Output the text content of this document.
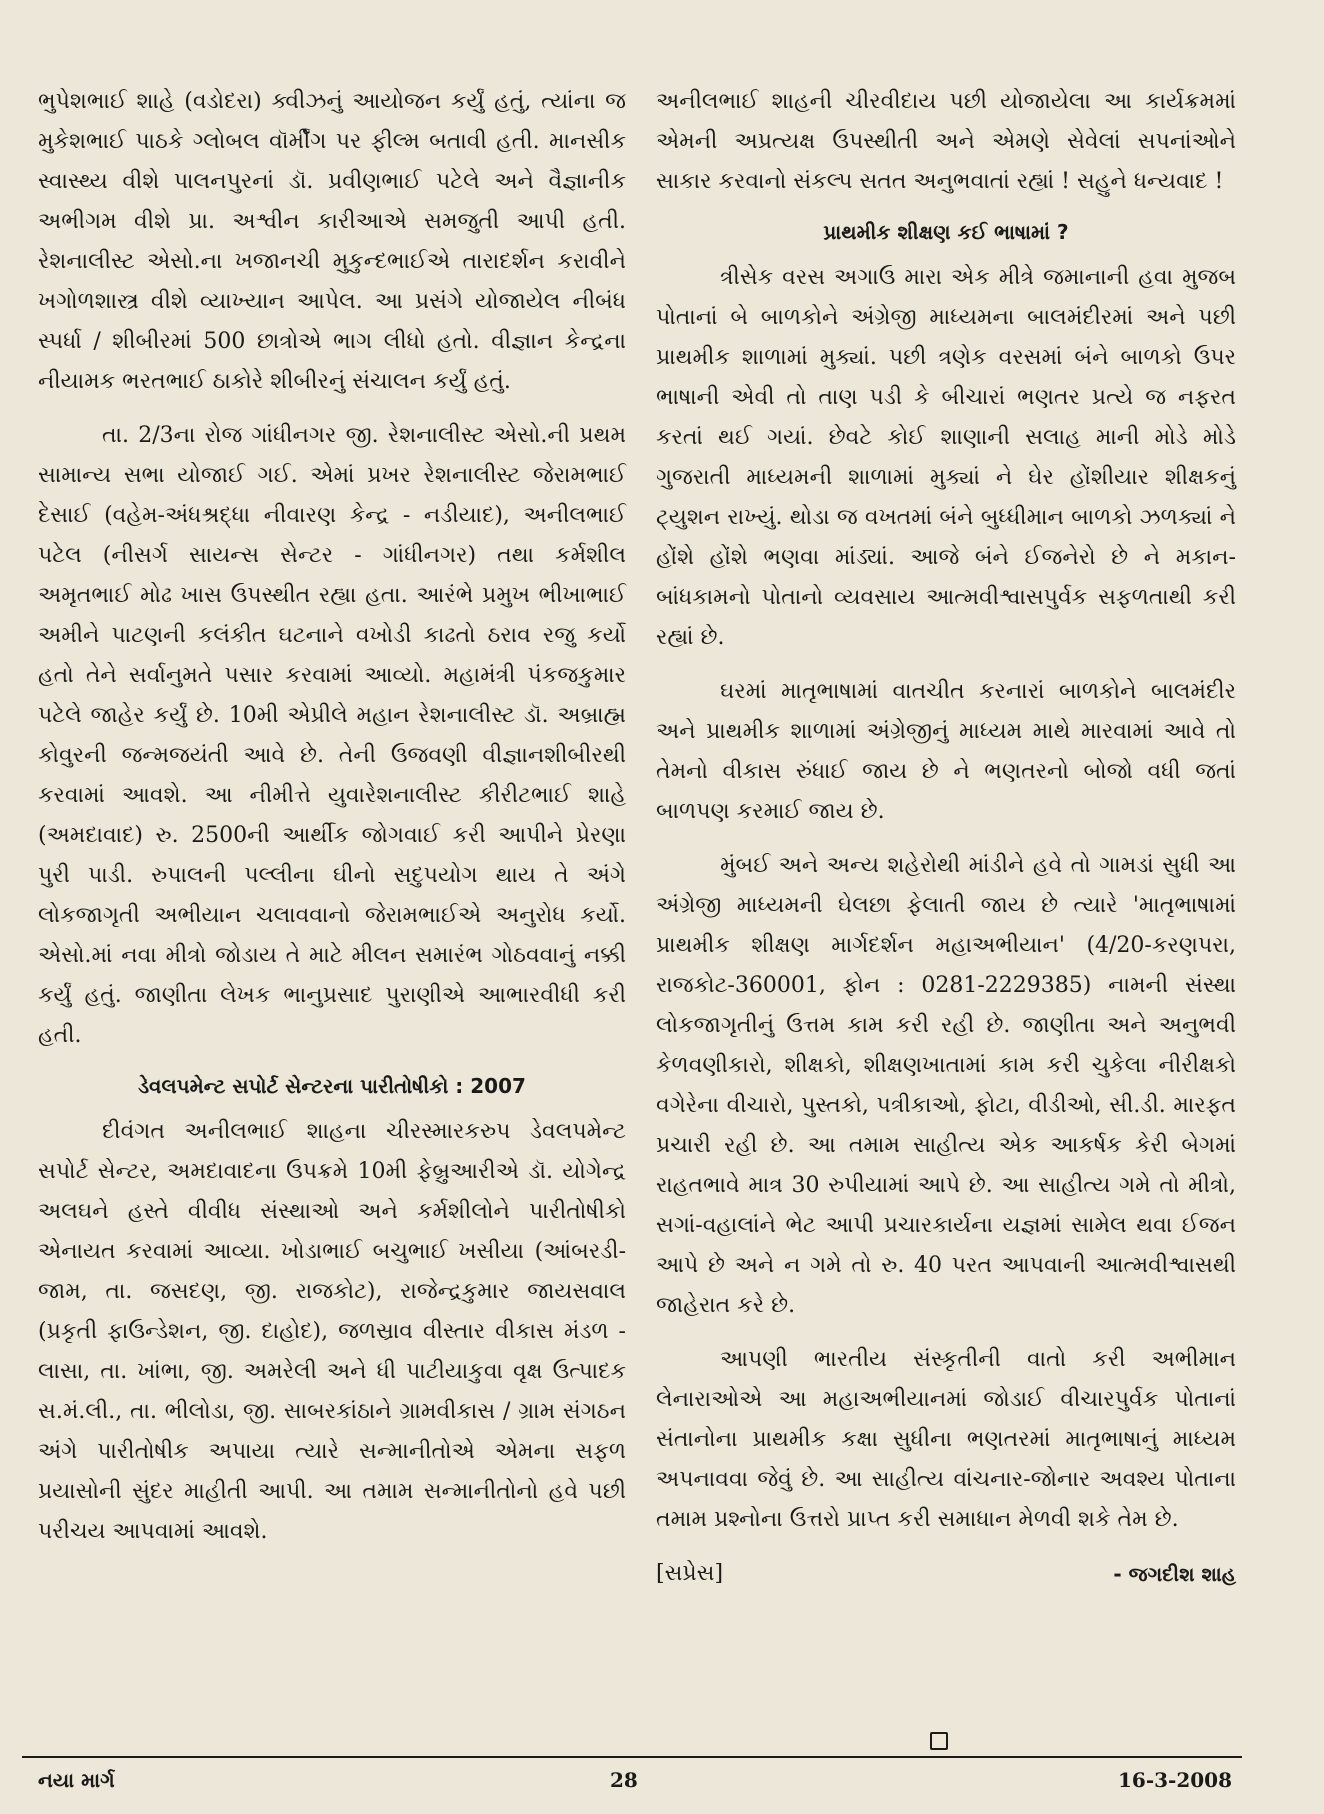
ભુપેશભાઈ શાહે (વડોદરા) ક્વીઝનું આયોજન કર્યું હતું, ત્યાંના જ મુકેશભાઈ પાઠકે ગ્લોબલ વૉર્મીંગ પર ફીલ્મ બતાવી હતી. માનસીક સ્વાસ્થ્ય વીશે પાલનપુરનાં ડૉ. પ્રવીણભાઈ પટેલે અને વૈજ્ઞાનીક અભીગમ વીશે પ્રા. અશ્વીન કારીઆએ સમજુતી આપી હતી. રેશનાલીસ્ટ એસો.ના ખજાનચી મુકુન્દભાઈએ તારાદર્શન કરાવીને ખગોળશાસ્ત્ર વીશે વ્યાખ્યાન આપેલ. આ પ્રસંગે યોજાયેલ નીબંધ સ્પર્ધા / શીબીરમાં 500 છાત્રોએ ભાગ લીધો હતો. વીજ્ઞાન કેન્દ્રના નીયામક ભરતભાઈ ઠાકોરે શીબીરનું સંચાલન કર્યું હતું.

તા. 2/3ના રોજ ગાંધીનગર જી. રેશનાલીસ્ટ એસો.ની પ્રથમ સામાન્ય સભા યોજાઈ ગઈ. એમાં પ્રખર રેશનાલીસ્ટ જેરામભાઈ દેસાઈ (વહેમ-અંધશ્રદ્ધા નીવારણ કેન્દ્ર - નડીયાદ), અનીલભાઈ પટેલ (નીસર્ગ સાયન્સ સેન્ટર - ગાંધીનગર) તથા કર્મશીલ અમૃતભાઈ મોઢ ખાસ ઉપસ્થીત રહ્યા હતા. આરંભે પ્રમુખ ભીખાભાઈ અમીને પાટણની કલંકીત ઘટનાને વખોડી કાઢતો ઠરાવ રજુ કર્યો હતો તેને સર્વાનુમતે પસાર કરવામાં આવ્યો. મહામંત્રી પંકજકુમાર પટેલે જાહેર કર્યું છે. 10મી એપ્રીલે મહાન રેશનાલીસ્ટ ડૉ. અબ્રાહ્મ કોવુરની જન્મજયંતી આવે છે. તેની ઉજવણી વીજ્ઞાનશીબીરથી કરવામાં આવશે. આ નીમીત્તે યુવારેશનાલીસ્ટ કીરીટભાઈ શાહે (અમદાવાદ) રુ. 2500ની આર્થીક જોગવાઈ કરી આપીને પ્રેરણા પુરી પાડી. રુપાલની પલ્લીના ઘીનો સદુપયોગ થાય તે અંગે લોકજાગૃતી અભીયાન ચલાવવાનો જેરામભાઈએ અનુરોધ કર્યો. એસો.માં નવા મીત્રો જોડાય તે માટે મીલન સમારંભ ગોઠવવાનું નક્કી કર્યું હતું. જાણીતા લેખક ભાનુપ્રસાદ પુરાણીએ આભારવીધી કરી હતી.

ડેવલપમેન્ટ સપોર્ટ સેન્ટરના પારીતોષીકો : 2007

દીવંગત અનીલભાઈ શાહના ચીરસ્મારકરુપ ડેવલપમેન્ટ સપોર્ટ સેન્ટર, અમદાવાદના ઉપક્રમે 10મી ફેબ્રુઆરીએ ડૉ. યોગેન્દ્ર અલઘને હસ્તે વીવીધ સંસ્થાઓ અને કર્મશીલોને પારીતોષીકો એનાયત કરવામાં આવ્યા. ખોડાભાઈ બચુભાઈ ખસીયા (આંબરડી-જામ, તા. જસદણ, જી. રાજકોટ), રાજેન્દ્રકુમાર જાયસવાલ (પ્રકૃતી ફાઉન્ડેશન, જી. દાહોદ), જળસ્રાવ વીસ્તાર વીકાસ મંડળ - લાસા, તા. ખાંભા, જી. અમરેલી અને ધી પાટીયાકુવા વૃક્ષ ઉત્પાદક સ.મં.લી., તા. ભીલોડા, જી. સાબરકાંઠાને ગ્રામવીકાસ / ગ્રામ સંગઠન અંગે પારીતોષીક અપાયા ત્યારે સન્માનીતોએ એમના સફળ પ્રયાસોની સુંદર માહીતી આપી. આ તમામ સન્માનીતોનો હવે પછી પરીચય આપવામાં આવશે.

અનીલભાઈ શાહની ચીરવીદાય પછી યોજાયેલા આ કાર્યક્રમમાં એમની અપ્રત્યક્ષ ઉપસ્થીતી અને એમણે સેવેલાં સપનાંઓને સાકાર કરવાનો સંકલ્પ સતત અનુભવાતાં રહ્યાં ! સહુને ધન્યવાદ !

પ્રાથમીક શીક્ષણ કઈ ભાષામાં ?

ત્રીસેક વરસ અગાઉ મારા એક મીત્રે જમાનાની હવા મુજબ પોતાનાં બે બાળકોને અંગ્રેજી માધ્યમના બાલમંદીરમાં અને પછી પ્રાથમીક શાળામાં મુક્યાં. પછી ત્રણેક વરસમાં બંને બાળકો ઉપર ભાષાની એવી તો તાણ પડી કે બીચારાં ભણતર પ્રત્યે જ નફરત કરતાં થઈ ગયાં. છેવટે કોઈ શાણાની સલાહ માની મોડે મોડે ગુજરાતી માધ્યમની શાળામાં મુક્યાં ને ઘેર હોંશીયાર શીક્ષકનું ટ્યુશન રાખ્યું. થોડા જ વખતમાં બંને બુધ્ધીમાન બાળકો ઝળક્યાં ને હોંશે હોંશે ભણવા માંડ્યાં. આજે બંને ઈજનેરો છે ને મકાન-બાંધકામનો પોતાનો વ્યવસાય આત્મવીશ્વાસપુર્વક સફળતાથી કરી રહ્યાં છે.

ઘરમાં માતૃભાષામાં વાતચીત કરનારાં બાળકોને બાલમંદીર અને પ્રાથમીક શાળામાં અંગ્રેજીનું માધ્યમ માથે મારવામાં આવે તો તેમનો વીકાસ રુંધાઈ જાય છે ને ભણતરનો બોજો વધી જતાં બાળપણ કરમાઈ જાય છે.

મુંબઈ અને અન્ય શહેરોથી માંડીને હવે તો ગામડાં સુધી આ અંગ્રેજી માધ્યમની ઘેલછા ફેલાતી જાય છે ત્યારે 'માતૃભાષામાં પ્રાથમીક શીક્ષણ માર્ગદર્શન મહાઅભીયાન' (4/20-કરણપરા, રાજકોટ-360001, ફોન : 0281-2229385) નામની સંસ્થા લોકજાગૃતીનું ઉત્તમ કામ કરી રહી છે. જાણીતા અને અનુભવી કેળવણીકારો, શીક્ષકો, શીક્ષણખાતામાં કામ કરી ચુકેલા નીરીક્ષકો વગેરેના વીચારો, પુસ્તકો, પત્રીકાઓ, ફોટા, વીડીઓ, સી.ડી. મારફત પ્રચારી રહી છે. આ તમામ સાહીત્ય એક આકર્ષક કેરી બેગમાં રાહતભાવે માત્ર 30 રુપીયામાં આપે છે. આ સાહીત્ય ગમે તો મીત્રો, સગાં-વહાલાંને ભેટ આપી પ્રચારકાર્યના યજ્ઞમાં સામેલ થવા ઈજન આપે છે અને ન ગમે તો રુ. 40 પરત આપવાની આત્મવીશ્વાસથી જાહેરાત કરે છે.

આપણી ભારતીય સંસ્કૃતીની વાતો કરી અભીમાન લેનારાઓએ આ મહાઅભીયાનમાં જોડાઈ વીચારપુર્વક પોતાનાં સંતાનોના પ્રાથમીક કક્ષા સુધીના ભણતરમાં માતૃભાષાનું માધ્યમ અપનાવવા જેવું છે. આ સાહીત્ય વાંચનાર-જોનાર અવશ્ય પોતાના તમામ પ્રશ્નોના ઉત્તરો પ્રાપ્ત કરી સમાધાન મેળવી શકે તેમ છે.

[સપ્રેસ]	- જગદીશ શાહ
નયા માર્ગ	28	16-3-2008
